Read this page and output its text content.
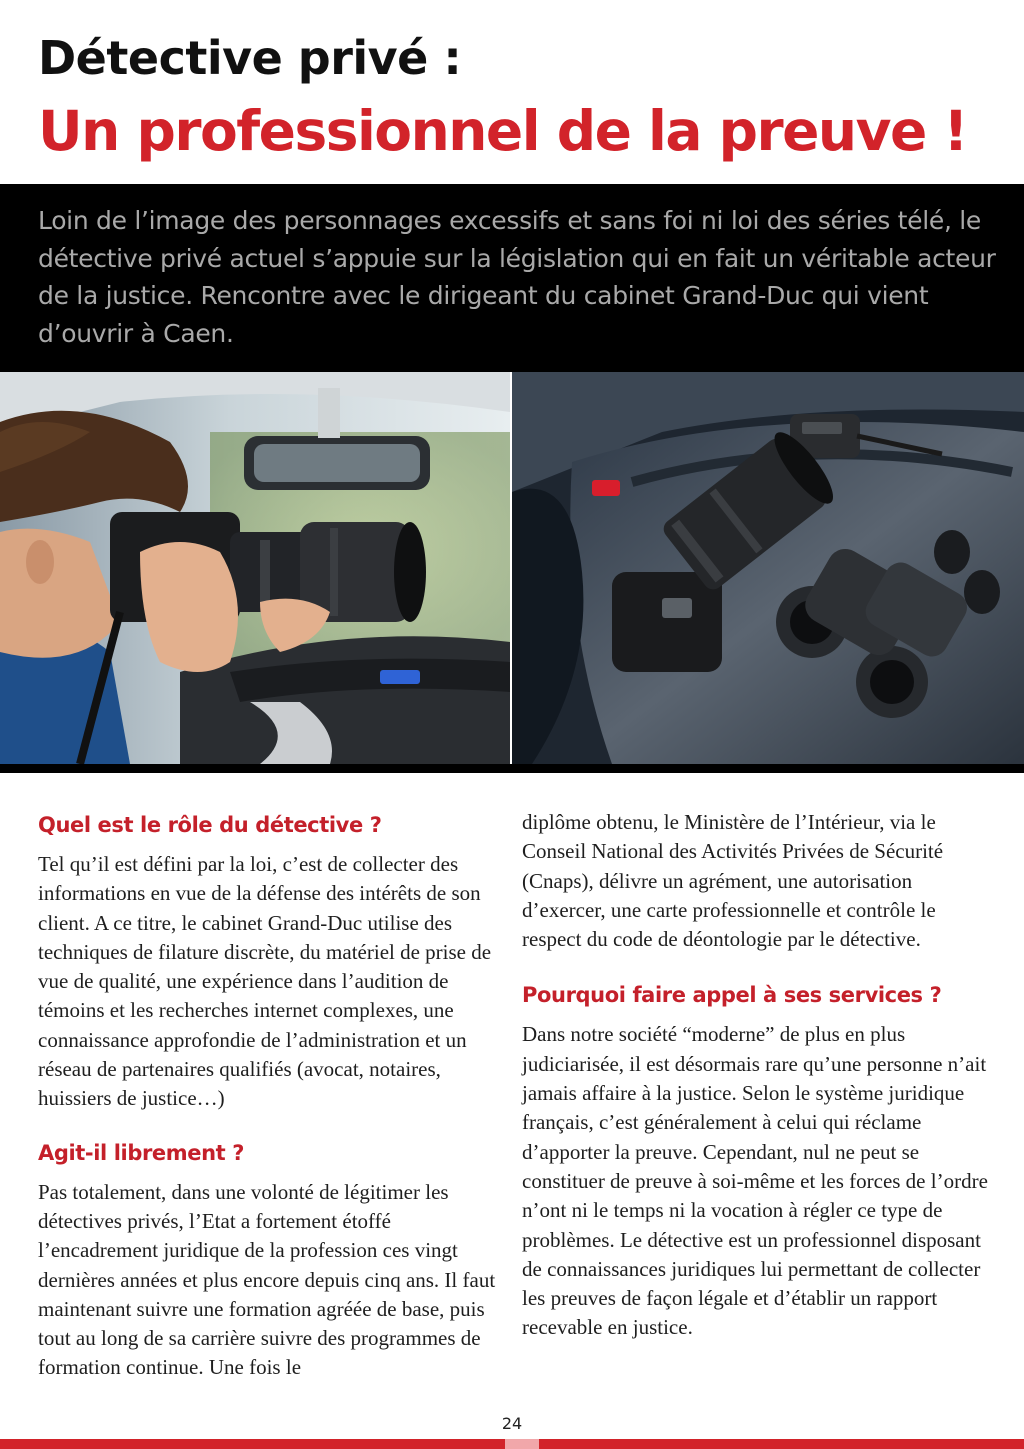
Détective privé :
Un professionnel de la preuve !

Loin de l’image des personnages excessifs et sans foi ni loi des séries télé, le détective privé actuel s’appuie sur la législation qui en fait un véritable acteur de la justice. Rencontre avec le dirigeant du cabinet Grand-Duc qui vient d’ouvrir à Caen.

Quel est le rôle du détective ?

Tel qu’il est défini par la loi, c’est de collecter des informations en vue de la défense des intérêts de son client. A ce titre, le cabinet Grand-Duc utilise des techniques de filature discrète, du matériel de prise de vue de qualité, une expérience dans l’audition de témoins et les recherches internet complexes, une connaissance approfondie de l’administration et un réseau de partenaires qualifiés (avocat, notaires, huissiers de justice…)

Agit-il librement ?

Pas totalement, dans une volonté de légitimer les détectives privés, l’Etat a fortement étoffé l’encadrement juridique de la profession ces vingt dernières années et plus encore depuis cinq ans. Il faut maintenant suivre une formation agréée de base, puis tout au long de sa carrière suivre des programmes de formation continue. Une fois le

diplôme obtenu, le Ministère de l’Intérieur, via le Conseil National des Activités Privées de Sécurité (Cnaps), délivre un agrément, une autorisation d’exercer, une carte professionnelle et contrôle le respect du code de déontologie par le détective.

Pourquoi faire appel à ses services ?

Dans notre société “moderne” de plus en plus judiciarisée, il est désormais rare qu’une personne n’ait jamais affaire à la justice. Selon le système juridique français, c’est généralement à celui qui réclame d’apporter la preuve. Cependant, nul ne peut se constituer de preuve à soi-même et les forces de l’ordre n’ont ni le temps ni la vocation à régler ce type de problèmes. Le détective est un professionnel disposant de connaissances juridiques lui permettant de collecter les preuves de façon légale et d’établir un rapport recevable en justice.

24
